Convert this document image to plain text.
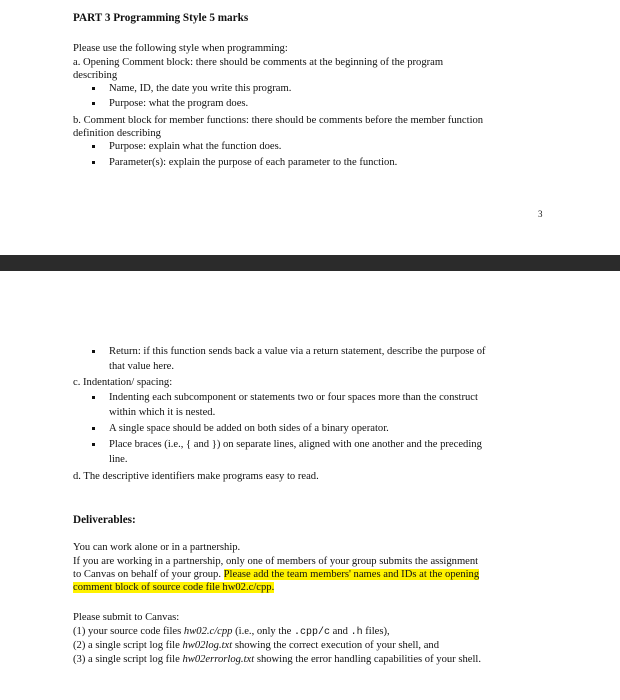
PART 3 Programming Style 5 marks
Please use the following style when programming:
a. Opening Comment block: there should be comments at the beginning of the program
describing
Name, ID, the date you write this program.
Purpose: what the program does.
b. Comment block for member functions: there should be comments before the member function
definition describing
Purpose: explain what the function does.
Parameter(s): explain the purpose of each parameter to the function.
3
Return: if this function sends back a value via a return statement, describe the purpose of
that value here.
c. Indentation/ spacing:
Indenting each subcomponent or statements two or four spaces more than the construct
within which it is nested.
A single space should be added on both sides of a binary operator.
Place braces (i.e., { and }) on separate lines, aligned with one another and the preceding
line.
d. The descriptive identifiers make programs easy to read.
Deliverables:
You can work alone or in a partnership.
If you are working in a partnership, only one of members of your group submits the assignment
to Canvas on behalf of your group. Please add the team members' names and IDs at the opening
comment block of source code file hw02.c/cpp.
Please submit to Canvas:
(1) your source code files hw02.c/cpp (i.e., only the .cpp/c and .h files),
(2) a single script log file hw02log.txt showing the correct execution of your shell, and
(3) a single script log file hw02errorlog.txt showing the error handling capabilities of your shell.
